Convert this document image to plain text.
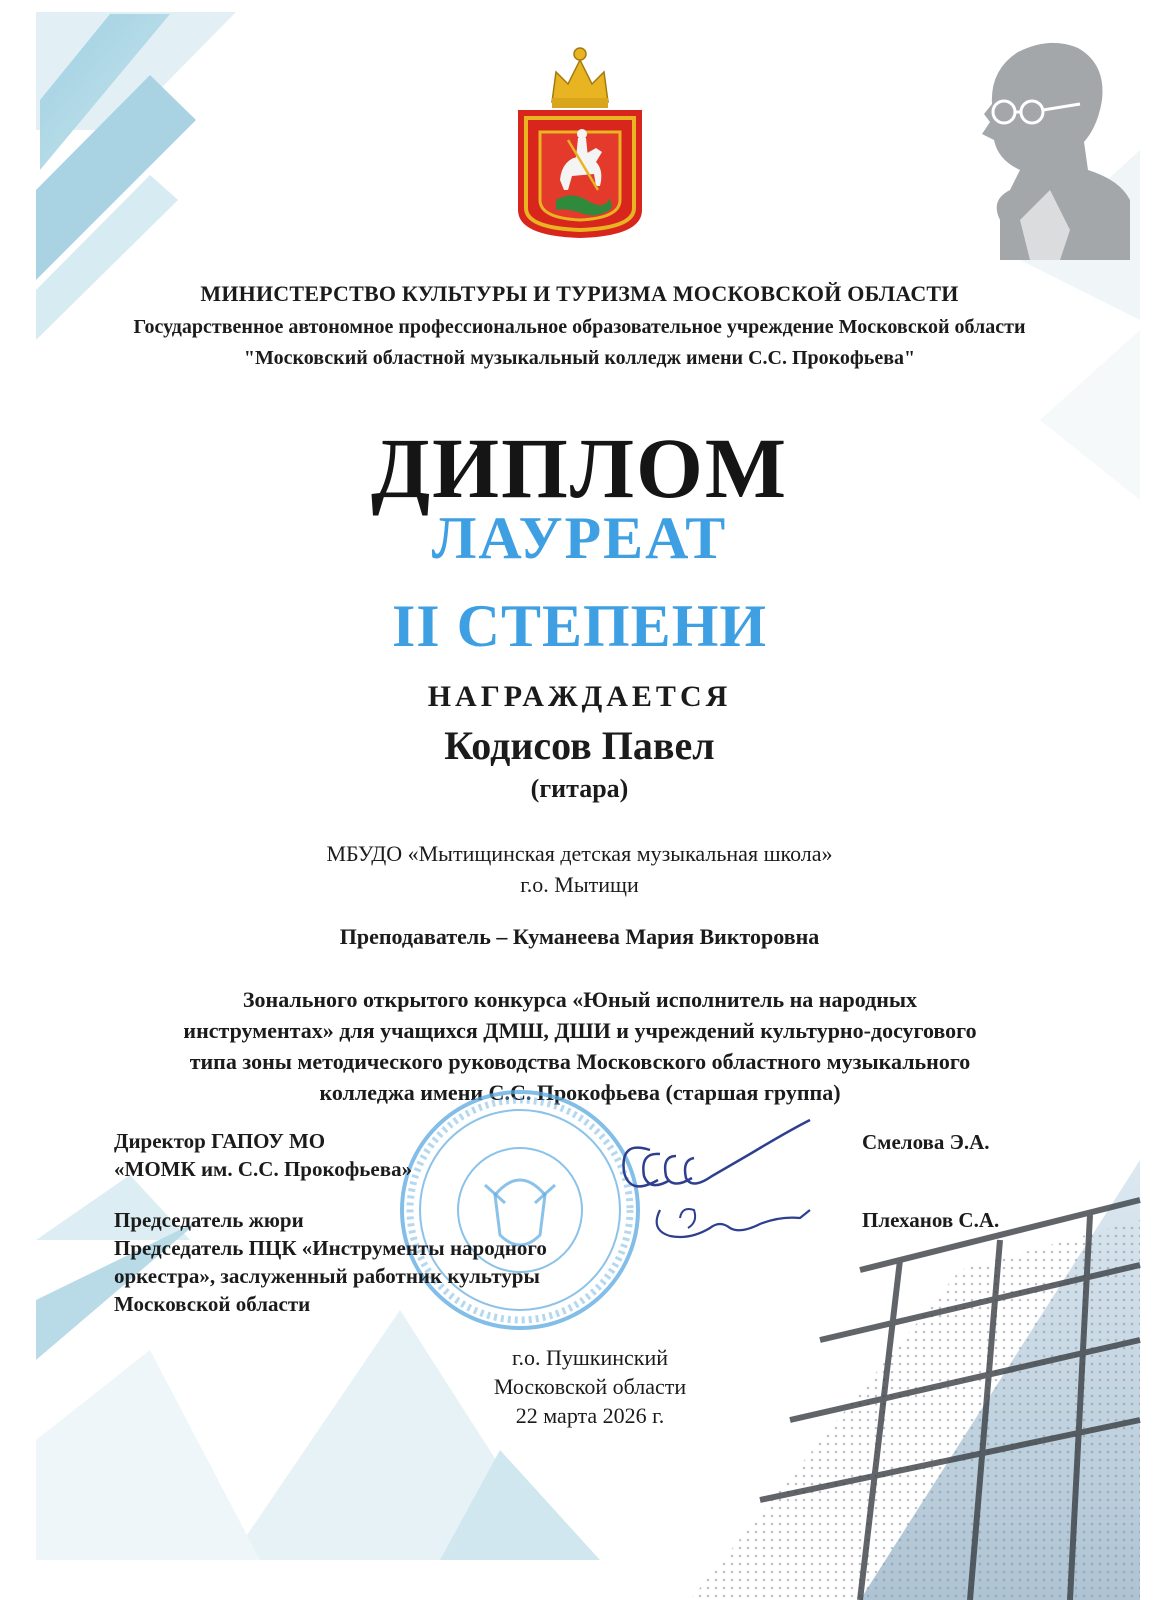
МИНИСТЕРСТВО КУЛЬТУРЫ И ТУРИЗМА МОСКОВСКОЙ ОБЛАСТИ
Государственное автономное профессиональное образовательное учреждение Московской области
"Московский областной музыкальный колледж имени С.С. Прокофьева"
ДИПЛОМ
ЛАУРЕАТ
II СТЕПЕНИ
НАГРАЖДАЕТСЯ
Кодисов Павел
(гитара)
МБУДО «Мытищинская детская музыкальная школа»
г.о. Мытищи
Преподаватель – Куманеева Мария Викторовна
Зонального открытого конкурса «Юный исполнитель на народных
инструментах» для учащихся ДМШ, ДШИ и учреждений культурно-досугового
типа зоны методического руководства Московского областного музыкального
колледжа имени С.С. Прокофьева (старшая группа)
Директор ГАПОУ МО
«МОМК им. С.С. Прокофьева»
Смелова Э.А.
Председатель жюри
Председатель ПЦК «Инструменты народного
оркестра», заслуженный работник культуры
Московской области
Плеханов С.А.
г.о. Пушкинский
Московской области
22 марта 2026 г.
